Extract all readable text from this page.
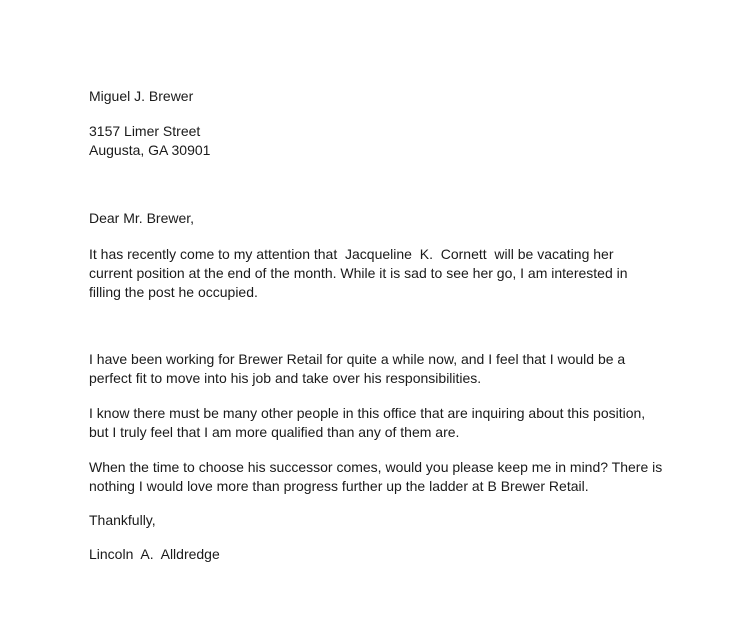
Miguel J. Brewer
3157 Limer Street
Augusta, GA 30901
Dear Mr. Brewer,
It has recently come to my attention that  Jacqueline  K.  Cornett  will be vacating her
current position at the end of the month. While it is sad to see her go, I am interested in
filling the post he occupied.
I have been working for Brewer Retail for quite a while now, and I feel that I would be a
perfect fit to move into his job and take over his responsibilities.
I know there must be many other people in this office that are inquiring about this position,
but I truly feel that I am more qualified than any of them are.
When the time to choose his successor comes, would you please keep me in mind? There is
nothing I would love more than progress further up the ladder at B Brewer Retail.
Thankfully,
Lincoln  A.  Alldredge
